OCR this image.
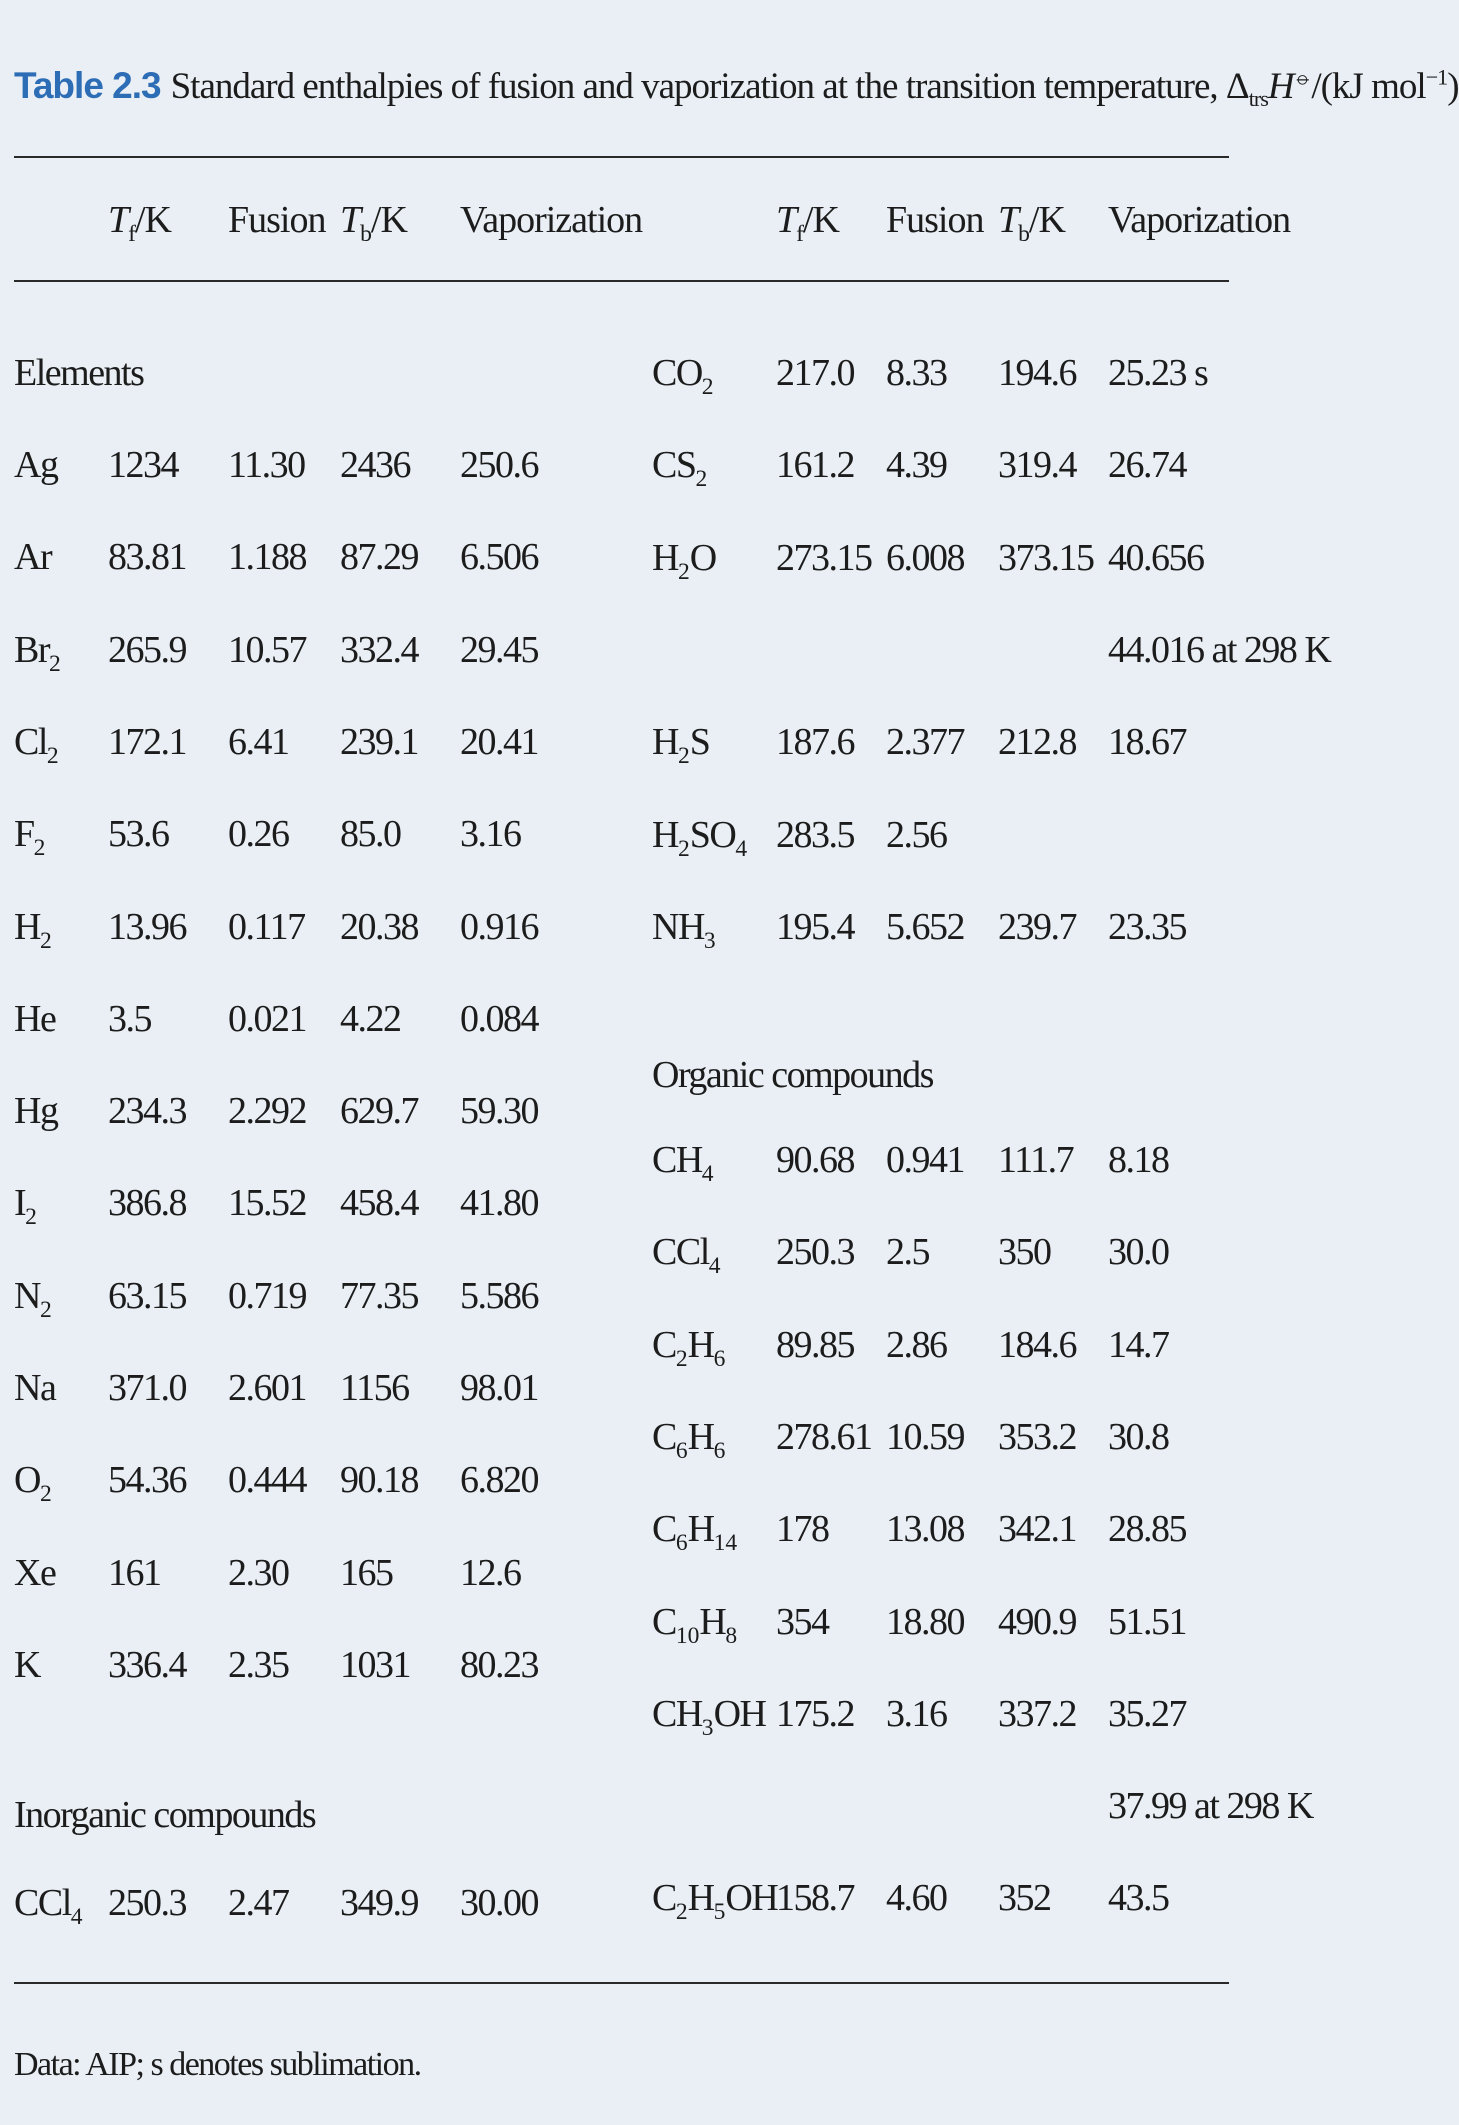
Table 2.3 Standard enthalpies of fusion and vaporization at the transition temperature, $\Delta_{trs}H^⦵/(kJ$ mol$^{-1}$)
$T_f/K$ Fusion $T_b/K$ Vaporization	$T_f/K$ Fusion $T_b/K$ Vaporization
Elements
Inorganic compounds
Organic compounds
Ag 1234 11.30 2436 250.6
Ar 83.81 1.188 87.29 6.506
$Br_2$ 265.9 10.57 332.4 29.45
$Cl_2$ 172.1 6.41 239.1 20.41
$F_2$ 53.6 0.26 85.0 3.16
$H_2$ 13.96 0.117 20.38 0.916
He 3.5 0.021 4.22 0.084
Hg 234.3 2.292 629.7 59.30
$I_2$ 386.8 15.52 458.4 41.80
$N_2$ 63.15 0.719 77.35 5.586
Na 371.0 2.601 1156 98.01
$O_2$ 54.36 0.444 90.18 6.820
Xe 161 2.30 165 12.6
K 336.4 2.35 1031 80.23
CCl$_4$ 250.3 2.47 349.9 30.00
$CO_2$ 217.0 8.33 194.6 25.23 s
$CS_2$ 161.2 4.39 319.4 26.74
$H_2O$ 273.15 6.008 373.15 40.656
44.016 at 298 K
$H_2S$ 187.6 2.377 212.8 18.67
$H_2SO_4$ 283.5 2.56
$NH_3$ 195.4 5.652 239.7 23.35
$CH_4$ 90.68 0.941 111.7 8.18
CCl$_4$ 250.3 2.5 350 30.0
$C_2H_6$ 89.85 2.86 184.6 14.7
$C_6H_6$ 278.61 10.59 353.2 30.8
$C_6H_{14}$ 178 13.08 342.1 28.85
$C_{10}H_8$ 354 18.80 490.9 51.51
$CH_3OH$ 175.2 3.16 337.2 35.27
37.99 at 298 K
$C_2H_5OH$
158.7 4.60 352 43.5
Data: AIP; s denotes sublimation.
